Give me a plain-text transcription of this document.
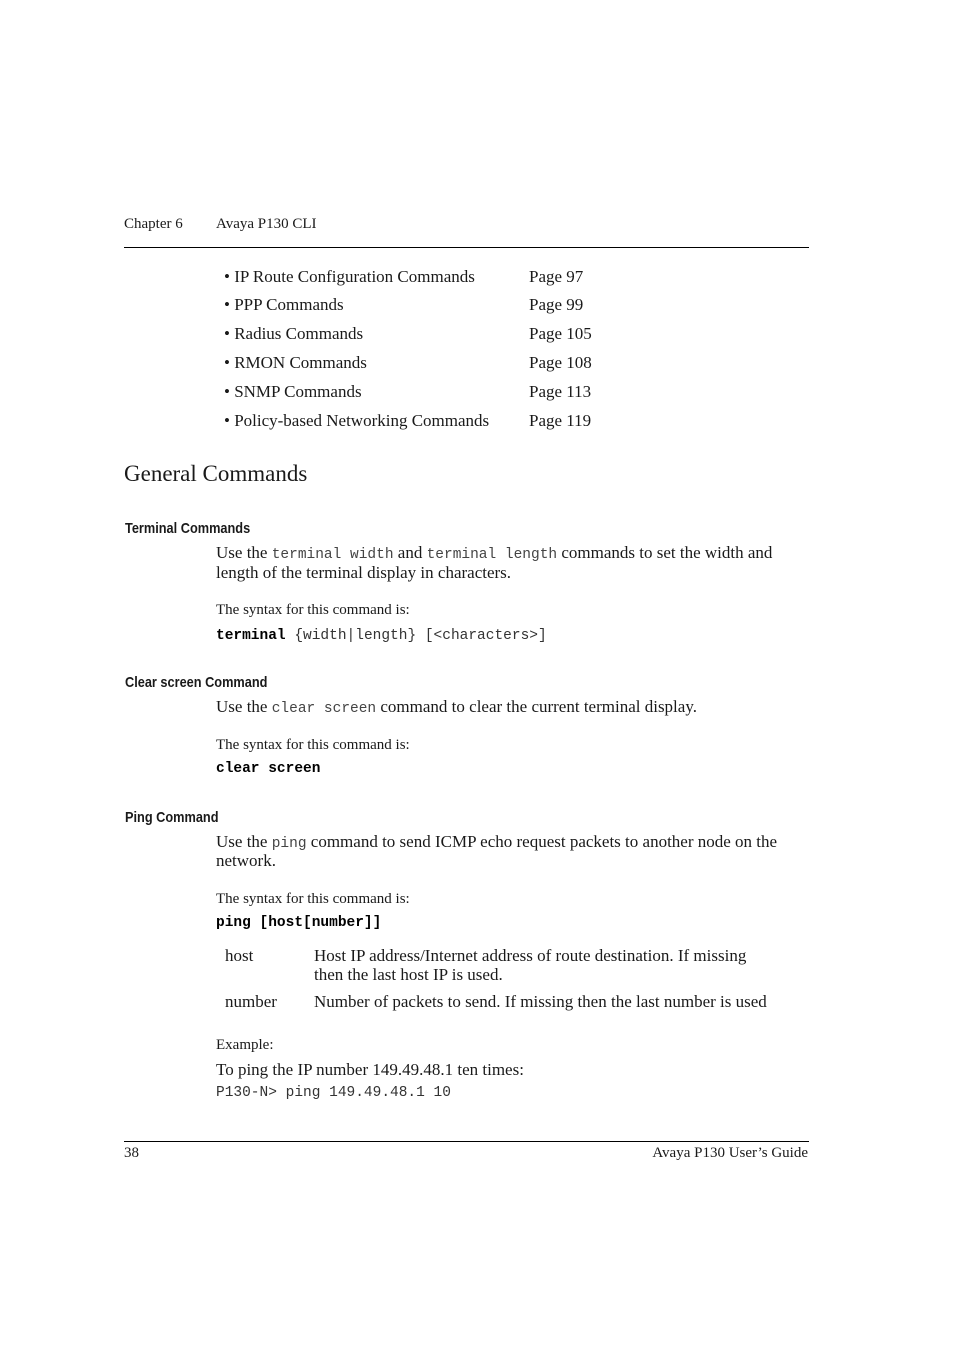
Chapter 6 Avaya P130 CLI
• IP Route Configuration Commands	Page 97
• PPP Commands	Page 99
• Radius Commands	Page 105
• RMON Commands	Page 108
• SNMP Commands	Page 113
• Policy-based Networking Commands Page 119
General Commands
Terminal Commands
Use the terminal width and terminal length commands to set the width and
length of the terminal display in characters.
The syntax for this command is:
terminal {width|length} [<characters>]
Clear screen Command
Use the clear screen command to clear the current terminal display.
The syntax for this command is:
clear screen
Ping Command
Use the ping command to send ICMP echo request packets to another node on the
network.
The syntax for this command is:
ping [host[number]]
host	Host IP address/Internet address of route destination. If missing
then the last host IP is used.
number Number of packets to send. If missing then the last number is used
Example:
To ping the IP number 149.49.48.1 ten times:
P130-N> ping 149.49.48.1 10
38	Avaya P130 User’s Guide
